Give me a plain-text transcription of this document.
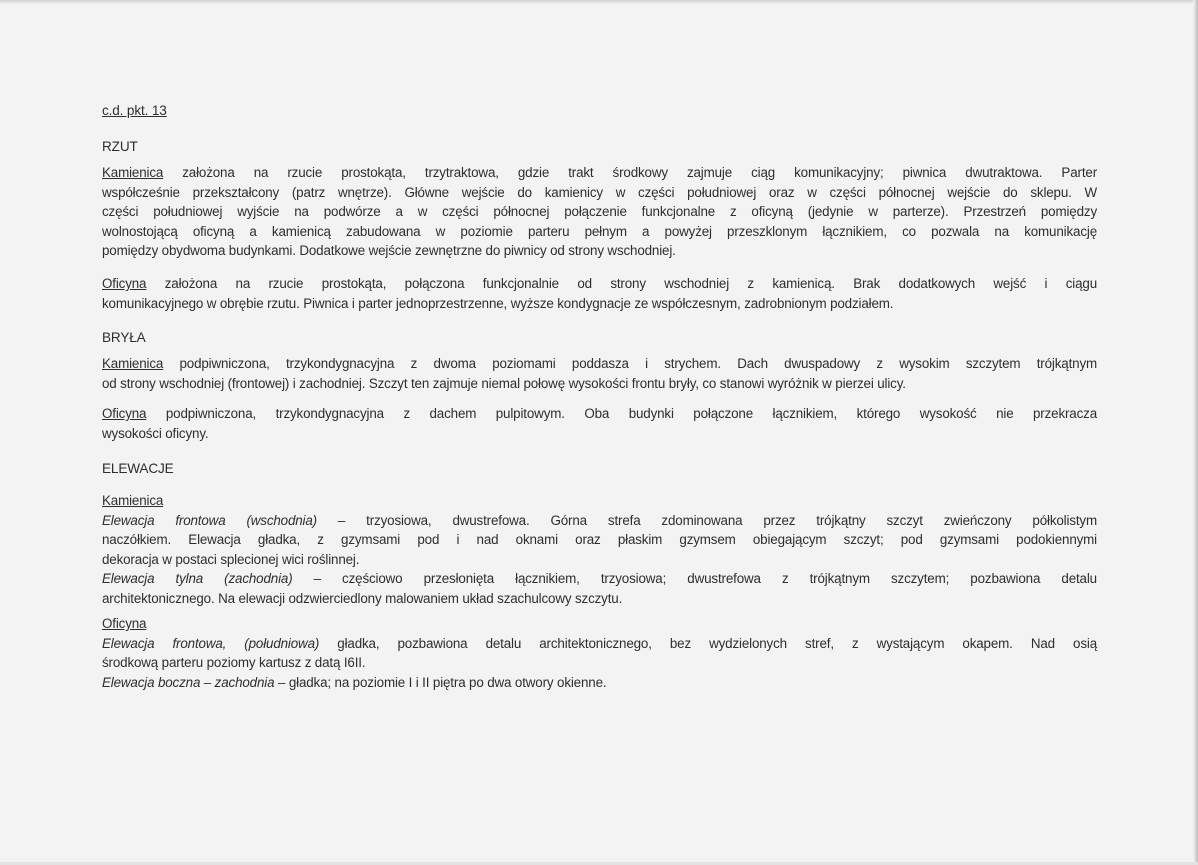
c.d. pkt. 13
RZUT
Kamienica założona na rzucie prostokąta, trzytraktowa, gdzie trakt środkowy zajmuje ciąg komunikacyjny; piwnica dwutraktowa. Parter
współcześnie przekształcony (patrz wnętrze). Główne wejście do kamienicy w części południowej oraz w części północnej wejście do sklepu. W
części południowej wyjście na podwórze a w części północnej połączenie funkcjonalne z oficyną (jedynie w parterze). Przestrzeń pomiędzy
wolnostojącą oficyną a kamienicą zabudowana w poziomie parteru pełnym a powyżej przeszklonym łącznikiem, co pozwala na komunikację
pomiędzy obydwoma budynkami. Dodatkowe wejście zewnętrzne do piwnicy od strony wschodniej.
Oficyna założona na rzucie prostokąta, połączona funkcjonalnie od strony wschodniej z kamienicą. Brak dodatkowych wejść i ciągu
komunikacyjnego w obrębie rzutu. Piwnica i parter jednoprzestrzenne, wyższe kondygnacje ze współczesnym, zadrobnionym podziałem.
BRYŁA
Kamienica podpiwniczona, trzykondygnacyjna z dwoma poziomami poddasza i strychem. Dach dwuspadowy z wysokim szczytem trójkątnym
od strony wschodniej (frontowej) i zachodniej. Szczyt ten zajmuje niemal połowę wysokości frontu bryły, co stanowi wyróżnik w pierzei ulicy.
Oficyna podpiwniczona, trzykondygnacyjna z dachem pulpitowym. Oba budynki połączone łącznikiem, którego wysokość nie przekracza
wysokości oficyny.
ELEWACJE
Kamienica
Elewacja frontowa (wschodnia) – trzyosiowa, dwustrefowa. Górna strefa zdominowana przez trójkątny szczyt zwieńczony półkolistym
naczółkiem. Elewacja gładka, z gzymsami pod i nad oknami oraz płaskim gzymsem obiegającym szczyt; pod gzymsami podokiennymi
dekoracja w postaci splecionej wici roślinnej.
Elewacja tylna (zachodnia) – częściowo przesłonięta łącznikiem, trzyosiowa; dwustrefowa z trójkątnym szczytem; pozbawiona detalu
architektonicznego. Na elewacji odzwierciedlony malowaniem układ szachulcowy szczytu.
Oficyna
Elewacja frontowa, (południowa) gładka, pozbawiona detalu architektonicznego, bez wydzielonych stref, z wystającym okapem. Nad osią
środkową parteru poziomy kartusz z datą I6II.
Elewacja boczna – zachodnia – gładka; na poziomie I i II piętra po dwa otwory okienne.
